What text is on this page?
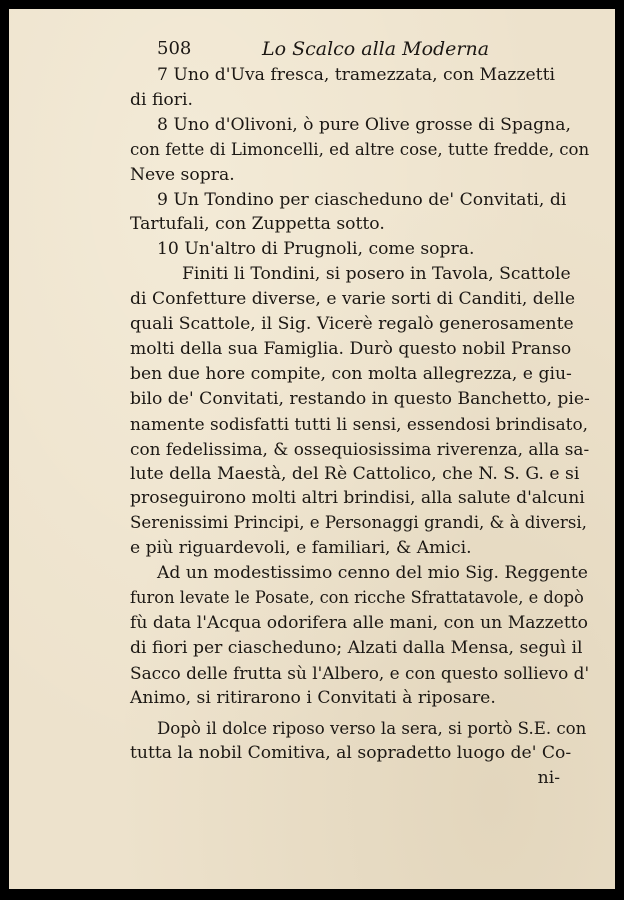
508	Lo Scalco alla Moderna
7 Uno d'Uva fresca, tramezzata, con Mazzetti
di fiori.
8 Uno d'Olivoni, ò pure Olive grosse di Spagna,
con fette di Limoncelli, ed altre cose, tutte fredde, con
Neve sopra.
9 Un Tondino per ciascheduno de' Convitati, di
Tartufali, con Zuppetta sotto.
10 Un'altro di Prugnoli, come sopra.
Finiti li Tondini, si posero in Tavola, Scattole
di Confetture diverse, e varie sorti di Canditi, delle
quali Scattole, il Sig. Vicerè regalò generosamente
molti della sua Famiglia. Durò questo nobil Pranso
ben due hore compite, con molta allegrezza, e giu-
bilo de' Convitati, restando in questo Banchetto, pie-
namente sodisfatti tutti li sensi, essendosi brindisato,
con fedelissima, & ossequiosissima riverenza, alla sa-
lute della Maestà, del Rè Cattolico, che N. S. G. e si
proseguirono molti altri brindisi, alla salute d'alcuni
Serenissimi Principi, e Personaggi grandi, & à diversi,
e più riguardevoli, e familiari, & Amici.
Ad un modestissimo cenno del mio Sig. Reggente
furon levate le Posate, con ricche Sfrattatavole, e dopò
fù data l'Acqua odorifera alle mani, con un Mazzetto
di fiori per ciascheduno; Alzati dalla Mensa, seguì il
Sacco delle frutta sù l'Albero, e con questo sollievo d'
Animo, si ritirarono i Convitati à riposare.
Dopò il dolce riposo verso la sera, si portò S.E. con
tutta la nobil Comitiva, al sopradetto luogo de' Co-
ni-
